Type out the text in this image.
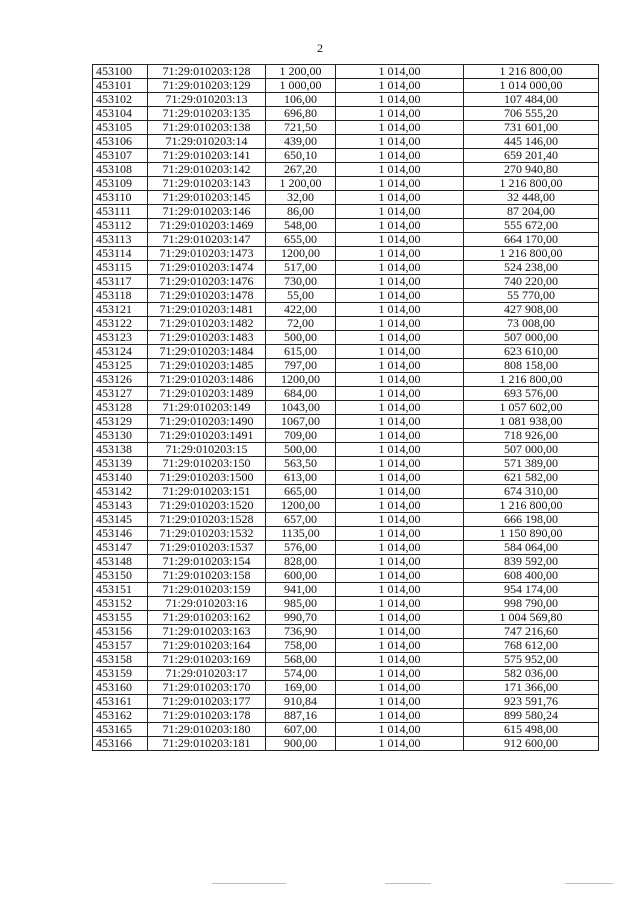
2
453100	71:29:010203:128	1 200,00	1 014,00	1 216 800,00
453101	71:29:010203:129	1 000,00	1 014,00	1 014 000,00
453102	71:29:010203:13	106,00	1 014,00	107 484,00
453104	71:29:010203:135	696,80	1 014,00	706 555,20
453105	71:29:010203:138	721,50	1 014,00	731 601,00
453106	71:29:010203:14	439,00	1 014,00	445 146,00
453107	71:29:010203:141	650,10	1 014,00	659 201,40
453108	71:29:010203:142	267,20	1 014,00	270 940,80
453109	71:29:010203:143	1 200,00	1 014,00	1 216 800,00
453110	71:29:010203:145	32,00	1 014,00	32 448,00
453111	71:29:010203:146	86,00	1 014,00	87 204,00
453112	71:29:010203:1469	548,00	1 014,00	555 672,00
453113	71:29:010203:147	655,00	1 014,00	664 170,00
453114	71:29:010203:1473	1200,00	1 014,00	1 216 800,00
453115	71:29:010203:1474	517,00	1 014,00	524 238,00
453117	71:29:010203:1476	730,00	1 014,00	740 220,00
453118	71:29:010203:1478	55,00	1 014,00	55 770,00
453121	71:29:010203:1481	422,00	1 014,00	427 908,00
453122	71:29:010203:1482	72,00	1 014,00	73 008,00
453123	71:29:010203:1483	500,00	1 014,00	507 000,00
453124	71:29:010203:1484	615,00	1 014,00	623 610,00
453125	71:29:010203:1485	797,00	1 014,00	808 158,00
453126	71:29:010203:1486	1200,00	1 014,00	1 216 800,00
453127	71:29:010203:1489	684,00	1 014,00	693 576,00
453128	71:29:010203:149	1043,00	1 014,00	1 057 602,00
453129	71:29:010203:1490	1067,00	1 014,00	1 081 938,00
453130	71:29:010203:1491	709,00	1 014,00	718 926,00
453138	71:29:010203:15	500,00	1 014,00	507 000,00
453139	71:29:010203:150	563,50	1 014,00	571 389,00
453140	71:29:010203:1500	613,00	1 014,00	621 582,00
453142	71:29:010203:151	665,00	1 014,00	674 310,00
453143	71:29:010203:1520	1200,00	1 014,00	1 216 800,00
453145	71:29:010203:1528	657,00	1 014,00	666 198,00
453146	71:29:010203:1532	1135,00	1 014,00	1 150 890,00
453147	71:29:010203:1537	576,00	1 014,00	584 064,00
453148	71:29:010203:154	828,00	1 014,00	839 592,00
453150	71:29:010203:158	600,00	1 014,00	608 400,00
453151	71:29:010203:159	941,00	1 014,00	954 174,00
453152	71:29:010203:16	985,00	1 014,00	998 790,00
453155	71:29:010203:162	990,70	1 014,00	1 004 569,80
453156	71:29:010203:163	736,90	1 014,00	747 216,60
453157	71:29:010203:164	758,00	1 014,00	768 612,00
453158	71:29:010203:169	568,00	1 014,00	575 952,00
453159	71:29:010203:17	574,00	1 014,00	582 036,00
453160	71:29:010203:170	169,00	1 014,00	171 366,00
453161	71:29:010203:177	910,84	1 014,00	923 591,76
453162	71:29:010203:178	887,16	1 014,00	899 580,24
453165	71:29:010203:180	607,00	1 014,00	615 498,00
453166	71:29:010203:181	900,00	1 014,00	912 600,00
